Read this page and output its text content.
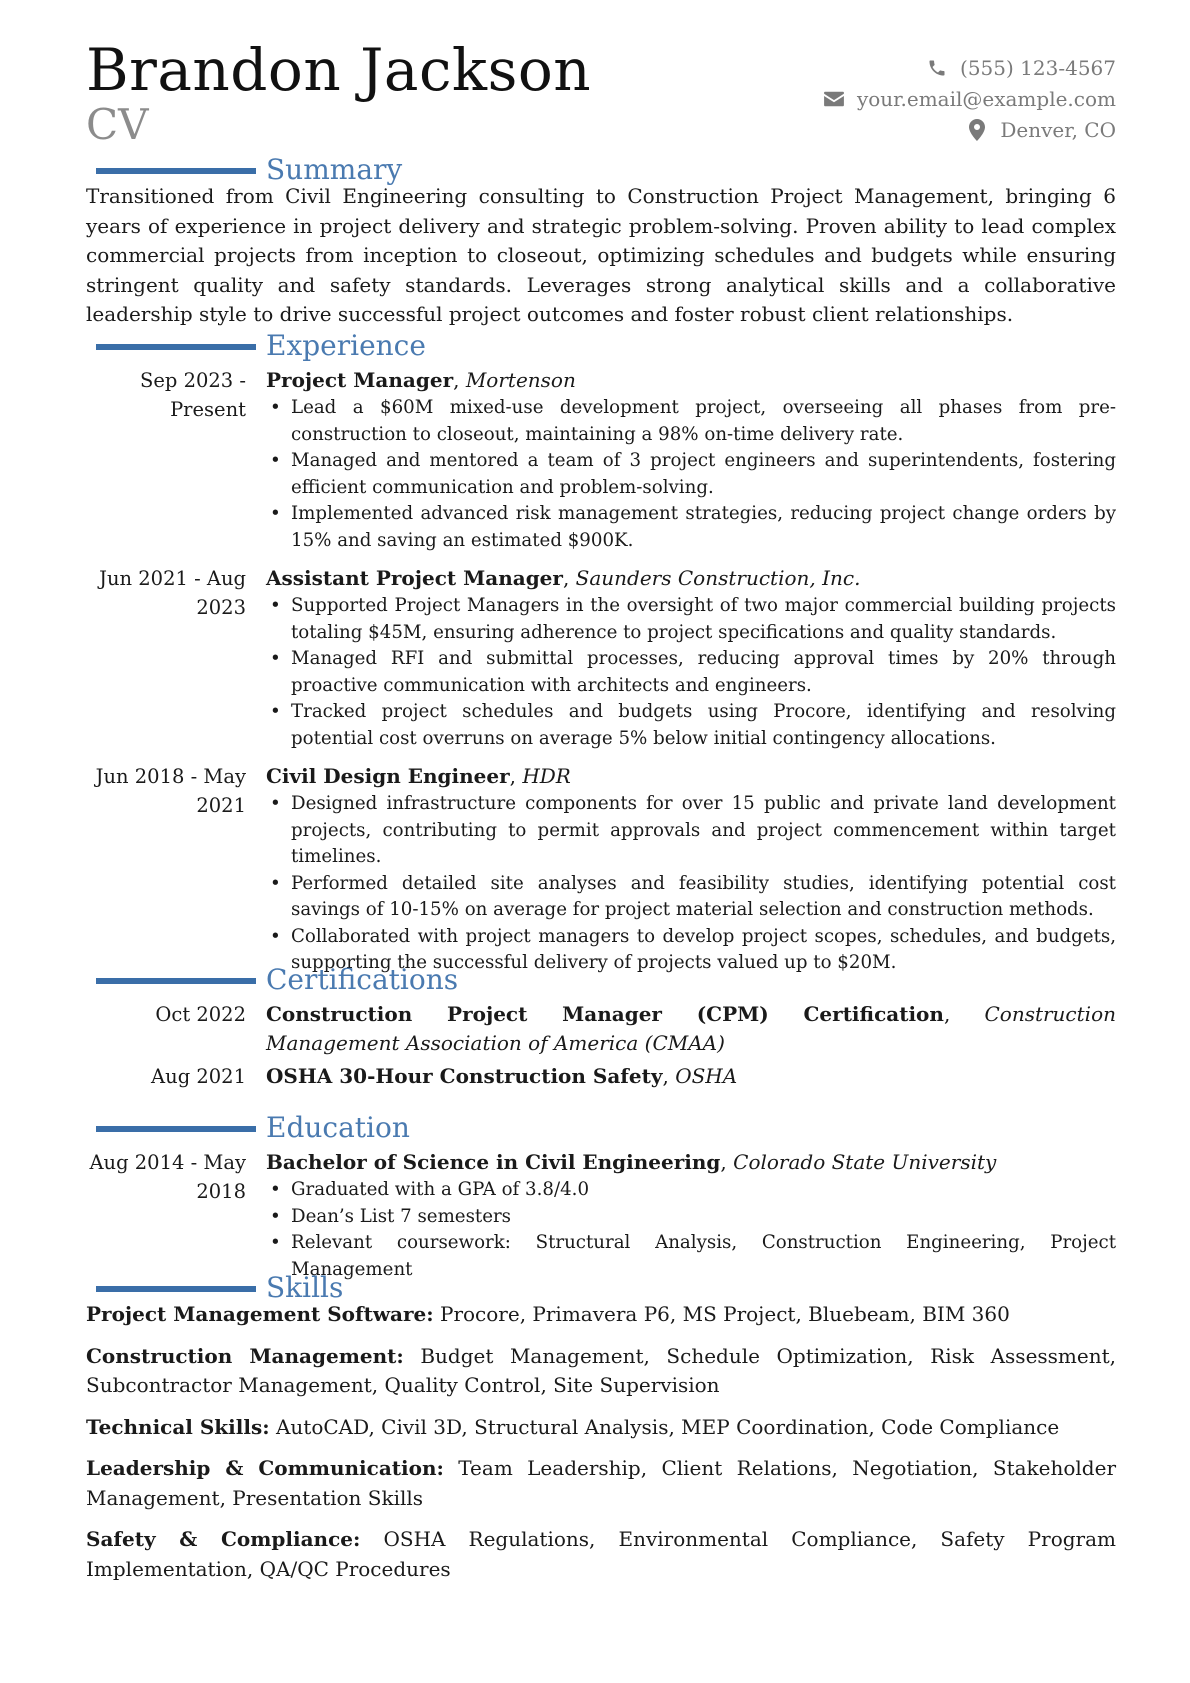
Brandon Jackson
CV
(555) 123-4567
your.email@example.com
Denver, CO
Summary

Transitioned from Civil Engineering consulting to Construction Project Management, bringing 6 years of experience in project delivery and strategic problem-solving. Proven ability to lead complex commercial projects from inception to closeout, optimizing schedules and budgets while ensuring stringent quality and safety standards. Leverages strong analytical skills and a collaborative leadership style to drive successful project outcomes and foster robust client relationships.

Experience
Sep 2023 - Present
Project Manager, Mortenson
• Lead a $60M mixed-use development project, overseeing all phases from pre-construction to closeout, maintaining a 98% on-time delivery rate.
• Managed and mentored a team of 3 project engineers and superintendents, fostering efficient communication and problem-solving.
• Implemented advanced risk management strategies, reducing project change orders by 15% and saving an estimated $900K.
Jun 2021 - Aug 2023
Assistant Project Manager, Saunders Construction, Inc.
• Supported Project Managers in the oversight of two major commercial building projects totaling $45M, ensuring adherence to project specifications and quality standards.
• Managed RFI and submittal processes, reducing approval times by 20% through proactive communication with architects and engineers.
• Tracked project schedules and budgets using Procore, identifying and resolving potential cost overruns on average 5% below initial contingency allocations.
Jun 2018 - May 2021
Civil Design Engineer, HDR
• Designed infrastructure components for over 15 public and private land development projects, contributing to permit approvals and project commencement within target timelines.
• Performed detailed site analyses and feasibility studies, identifying potential cost savings of 10-15% on average for project material selection and construction methods.
• Collaborated with project managers to develop project scopes, schedules, and budgets, supporting the successful delivery of projects valued up to $20M.
Certifications
Oct 2022 Construction Project Manager (CPM) Certification, Construction Management Association of America (CMAA)
Aug 2021 OSHA 30-Hour Construction Safety, OSHA
Education
Aug 2014 - May 2018
Bachelor of Science in Civil Engineering, Colorado State University
• Graduated with a GPA of 3.8/4.0
• Dean’s List 7 semesters
• Relevant coursework: Structural Analysis, Construction Engineering, Project Management
Skills

Project Management Software: Procore, Primavera P6, MS Project, Bluebeam, BIM 360

Construction Management: Budget Management, Schedule Optimization, Risk Assessment, Subcontractor Management, Quality Control, Site Supervision

Technical Skills: AutoCAD, Civil 3D, Structural Analysis, MEP Coordination, Code Compliance

Leadership & Communication: Team Leadership, Client Relations, Negotiation, Stakeholder Management, Presentation Skills

Safety & Compliance: OSHA Regulations, Environmental Compliance, Safety Program Implementation, QA/QC Procedures
